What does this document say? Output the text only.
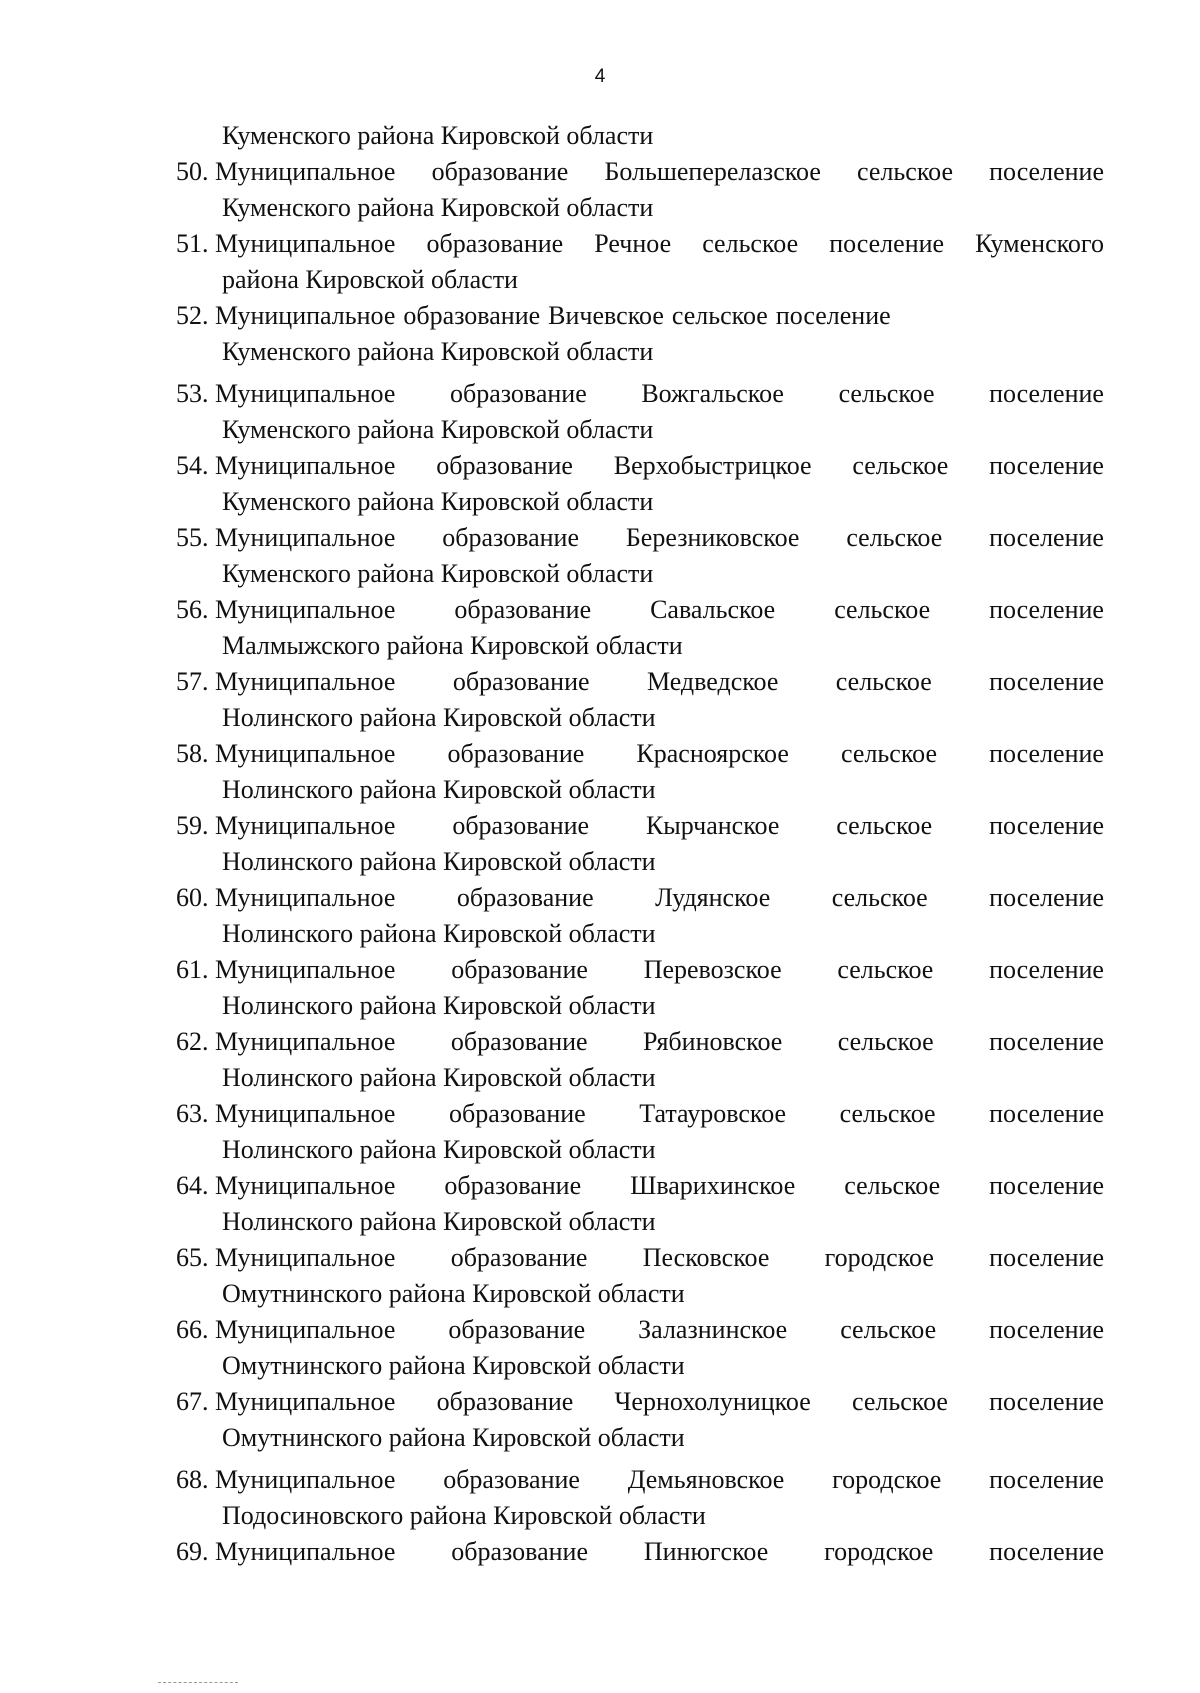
4
Куменского района Кировской области
50. Муниципальное образование Большеперелазское сельское поселение
Куменского района Кировской области
51. Муниципальное образование Речное сельское поселение Куменского
района Кировской области
52. Муниципальное образование Вичевское сельское поселение
Куменского района Кировской области
53. Муниципальное образование Вожгальское сельское поселение
Куменского района Кировской области
54. Муниципальное образование Верхобыстрицкое сельское поселение
Куменского района Кировской области
55. Муниципальное образование Березниковское сельское поселение
Куменского района Кировской области
56. Муниципальное образование Савальское сельское поселение
Малмыжского района Кировской области
57. Муниципальное образование Медведское сельское поселение
Нолинского района Кировской области
58. Муниципальное образование Красноярское сельское поселение
Нолинского района Кировской области
59. Муниципальное образование Кырчанское сельское поселение
Нолинского района Кировской области
60. Муниципальное образование Лудянское сельское поселение
Нолинского района Кировской области
61. Муниципальное образование Перевозское сельское поселение
Нолинского района Кировской области
62. Муниципальное образование Рябиновское сельское поселение
Нолинского района Кировской области
63. Муниципальное образование Татауровское сельское поселение
Нолинского района Кировской области
64. Муниципальное образование Шварихинское сельское поселение
Нолинского района Кировской области
65. Муниципальное образование Песковское городское поселение
Омутнинского района Кировской области
66. Муниципальное образование Залазнинское сельское поселение
Омутнинского района Кировской области
67. Муниципальное образование Чернохолуницкое сельское поселение
Омутнинского района Кировской области
68. Муниципальное образование Демьяновское городское поселение
Подосиновского района Кировской области
69. Муниципальное образование Пинюгское городское поселение
